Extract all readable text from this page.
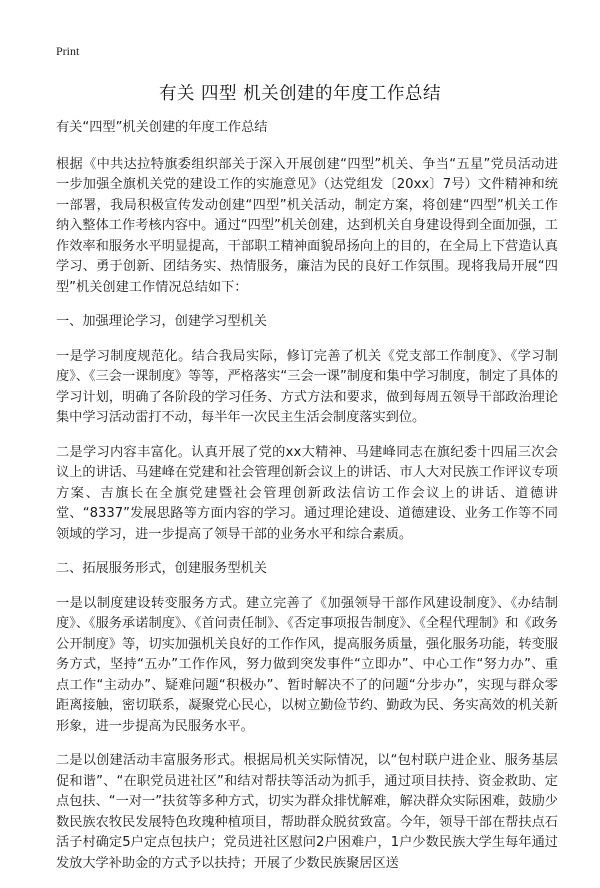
Print
有关 四型 机关创建的年度工作总结

有关“四型”机关创建的年度工作总结

根据《中共达拉特旗委组织部关于深入开展创建“四型”机关、争当“五星”党员活动进一步加强全旗机关党的建设工作的实施意见》（达党组发〔20xx〕7号）文件精神和统一部署，我局积极宣传发动创建“四型”机关活动，制定方案，将创建“四型”机关工作纳入整体工作考核内容中。通过“四型”机关创建，达到机关自身建设得到全面加强，工作效率和服务水平明显提高，干部职工精神面貌昂扬向上的目的，在全局上下营造认真学习、勇于创新、团结务实、热情服务，廉洁为民的良好工作氛围。现将我局开展“四型”机关创建工作情况总结如下：

一、加强理论学习，创建学习型机关

一是学习制度规范化。结合我局实际，修订完善了机关《党支部工作制度》、《学习制度》、《三会一课制度》等等，严格落实“三会一课”制度和集中学习制度，制定了具体的学习计划，明确了各阶段的学习任务、方式方法和要求，做到每周五领导干部政治理论集中学习活动雷打不动，每半年一次民主生活会制度落实到位。

二是学习内容丰富化。认真开展了党的xx大精神、马建峰同志在旗纪委十四届三次会议上的讲话、马建峰在党建和社会管理创新会议上的讲话、市人大对民族工作评议专项方案、吉旗长在全旗党建暨社会管理创新政法信访工作会议上的讲话、道德讲堂、“8337”发展思路等方面内容的学习。通过理论建设、道德建设、业务工作等不同领域的学习，进一步提高了领导干部的业务水平和综合素质。

二、拓展服务形式，创建服务型机关

一是以制度建设转变服务方式。建立完善了《加强领导干部作风建设制度》、《办结制度》、《服务承诺制度》、《首问责任制》、《否定事项报告制度》、《全程代理制》和《政务公开制度》等，切实加强机关良好的工作作风，提高服务质量，强化服务功能，转变服务方式，坚持“五办”工作作风，努力做到突发事件“立即办”、中心工作“努力办”、重点工作“主动办”、疑难问题“积极办”、暂时解决不了的问题“分步办”，实现与群众零距离接触，密切联系，凝聚党心民心，以树立勤俭节约、勤政为民、务实高效的机关新形象，进一步提高为民服务水平。

二是以创建活动丰富服务形式。根据局机关实际情况，以“包村联户进企业、服务基层促和谐”、“在职党员进社区”和结对帮扶等活动为抓手，通过项目扶持、资金救助、定点包扶、“一对一”扶贫等多种方式，切实为群众排忧解难，解决群众实际困难，鼓励少数民族农牧民发展特色玫瑰种植项目，帮助群众脱贫致富。今年，领导干部在帮扶点石活子村确定5户定点包扶户；党员进社区慰问2户困难户，1户少数民族大学生每年通过发放大学补助金的方式予以扶持；开展了少数民族聚居区送
